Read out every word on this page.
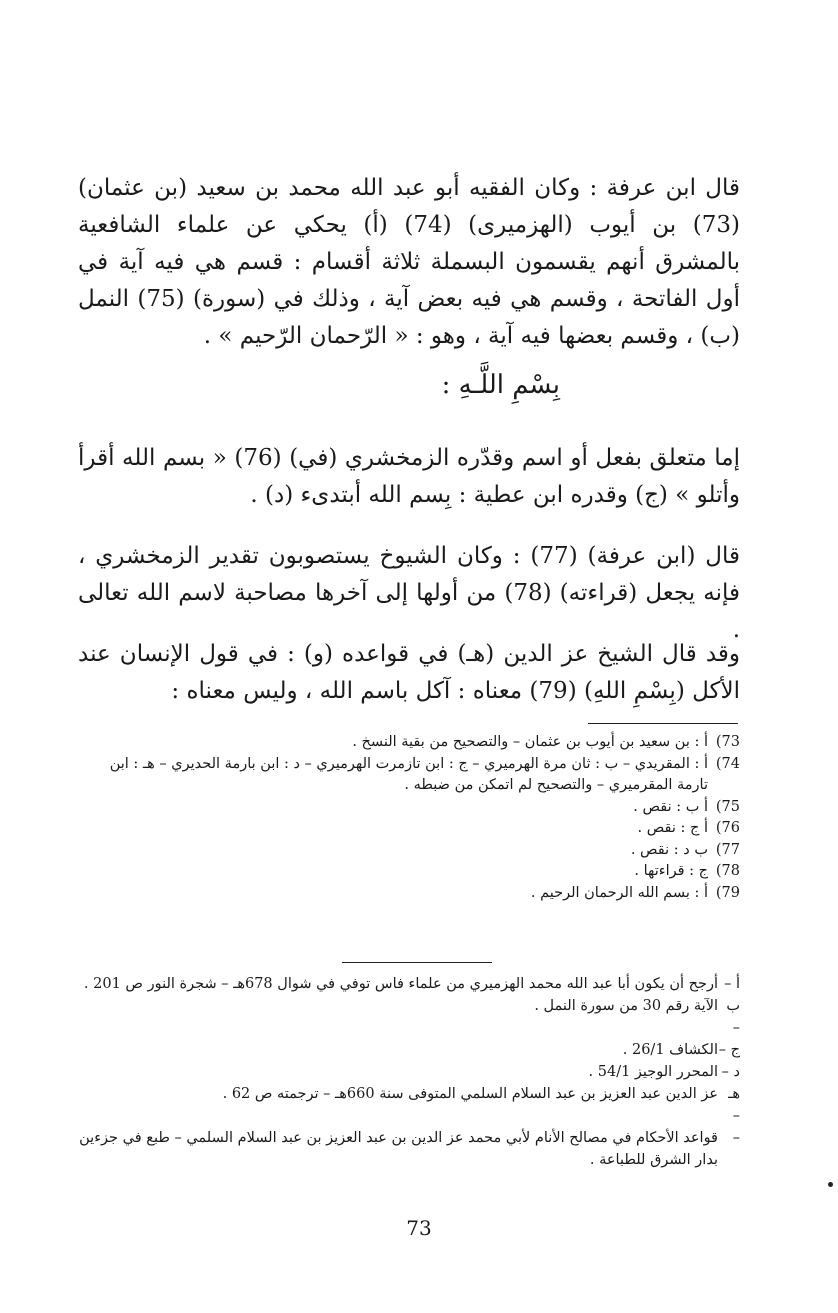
قال ابن عرفة : وكان الفقيه أبو عبد الله محمد بن سعيد (بن عثمان) (73) بن أيوب (الهزميرى) (74) (أ) يحكي عن علماء الشافعية بالمشرق أنهم يقسمون البسملة ثلاثة أقسام : قسم هي فيه آية في أول الفاتحة ، وقسم هي فيه بعض آية ، وذلك في (سورة) (75) النمل (ب) ، وقسم بعضها فيه آية ، وهو : « الرّحمان الرّحيم » .

بِسْمِ اللَّـهِ :

إما متعلق بفعل أو اسم وقدّره الزمخشري (في) (76) « بسم الله أقرأ وأتلو » (ج) وقدره ابن عطية : بِسم الله أبتدىء (د) .

قال (ابن عرفة) (77) : وكان الشيوخ يستصوبون تقدير الزمخشري ، فإنه يجعل (قراءته) (78) من أولها إلى آخرها مصاحبة لاسم الله تعالى .

وقد قال الشيخ عز الدين (هـ) في قواعده (و) : في قول الإنسان عند الأكل (بِسْمِ اللهِ) (79) معناه : آكل باسم الله ، وليس معناه :

73)
أ : بن سعيد بن أيوب بن عثمان – والتصحيح من بقية النسخ .
74)
أ : المقريدي – ب : ثان مرة الهرميري – ج : ابن تازمرت الهرميري – د : ابن بارمة الحديري – هـ : ابن تارمة المقرميري – والتصحيح لم اتمكن من ضبطه .
75)
أ ب : نقص .
76)
أ ج : نقص .
77)
ب د : نقص .
78)
ج : قراءتها .
79)
أ : بسم الله الرحمان الرحيم .
أ –
أرجح أن يكون أبا عبد الله محمد الهزميري من علماء فاس توفي في شوال 678هـ – شجرة النور ص 201 .
ب –
الآية رقم 30 من سورة النمل .
ج –
الكشاف 26/1 .
د –
المحرر الوجيز 54/1 .
هـ –
عز الدين عبد العزيز بن عبد السلام السلمي المتوفى سنة 660هـ – ترجمته ص 62 .
–
قواعد الأحكام في مصالح الأنام لأبي محمد عز الدين بن عبد العزيز بن عبد السلام السلمي – طبع في جزءين بدار الشرق للطباعة .
73
